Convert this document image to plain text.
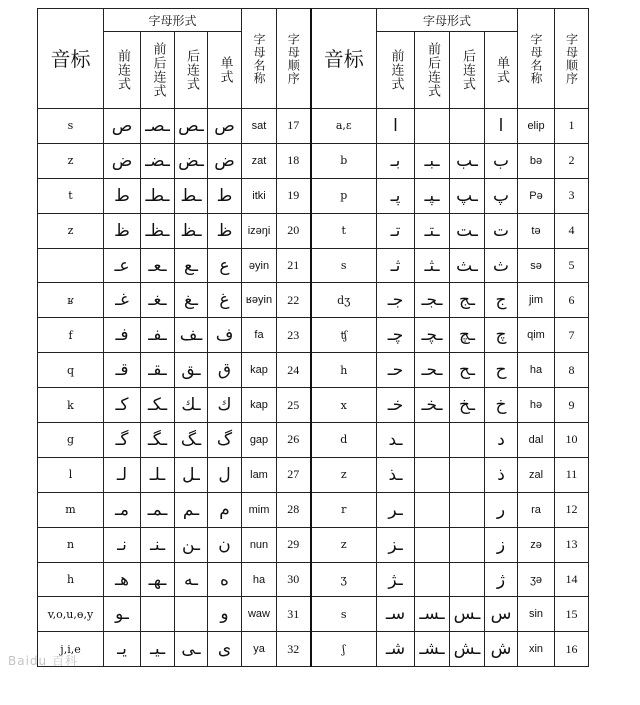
音标	字母形式				字母名称	字母顺序	音标	字母形式				字母名称	字母顺序
	前连式	前后连式	后连式	单式				前连式	前后连式	后连式	单式		
s	ص	ـصـ	ـص	ص	sat	17	a,ɛ	ا			ا	elip	1
z	ض	ـضـ	ـض	ض	zat	18	b	بـ	ـبـ	ـب	ب	bə	2
t	ط	ـطـ	ـط	ط	itki	19	p	پـ	ـپـ	ـپ	پ	Pə	3
z	ظ	ـظـ	ـظ	ظ	izəŋi	20	t	تـ	ـتـ	ـت	ت	tə	4
	عـ	ـعـ	ـع	ع	əyin	21	s	ثـ	ـثـ	ـث	ث	sə	5
ʁ	غـ	ـغـ	ـغ	غ	ʁəyin	22	dʒ	جـ	ـجـ	ـج	ج	jim	6
f	فـ	ـفـ	ـف	ف	fa	23	ʧ	چـ	ـچـ	ـچ	چ	qim	7
q	قـ	ـقـ	ـق	ق	kap	24	h	حـ	ـحـ	ـح	ح	ha	8
k	كـ	ـكـ	ـك	ك	kap	25	x	خـ	ـخـ	ـخ	خ	hə	9
g	گـ	ـگـ	ـگ	گ	gap	26	d	ـد			د	dal	10
l	لـ	ـلـ	ـل	ل	lam	27	z	ـذ			ذ	zal	11
m	مـ	ـمـ	ـم	م	mim	28	r	ـر			ر	ra	12
n	نـ	ـنـ	ـن	ن	nun	29	z	ـز			ز	zə	13
h	هـ	ـهـ	ـه	ه	ha	30	ʒ	ـژ			ژ	ʒə	14
v,o,u,ɵ,y	ـو			و	waw	31	s	سـ	ـسـ	ـس	س	sin	15
j,i,e	يـ	ـيـ	ـى	ى	ya	32	ʃ	شـ	ـشـ	ـش	ش	xin	16
Baidu 百科
